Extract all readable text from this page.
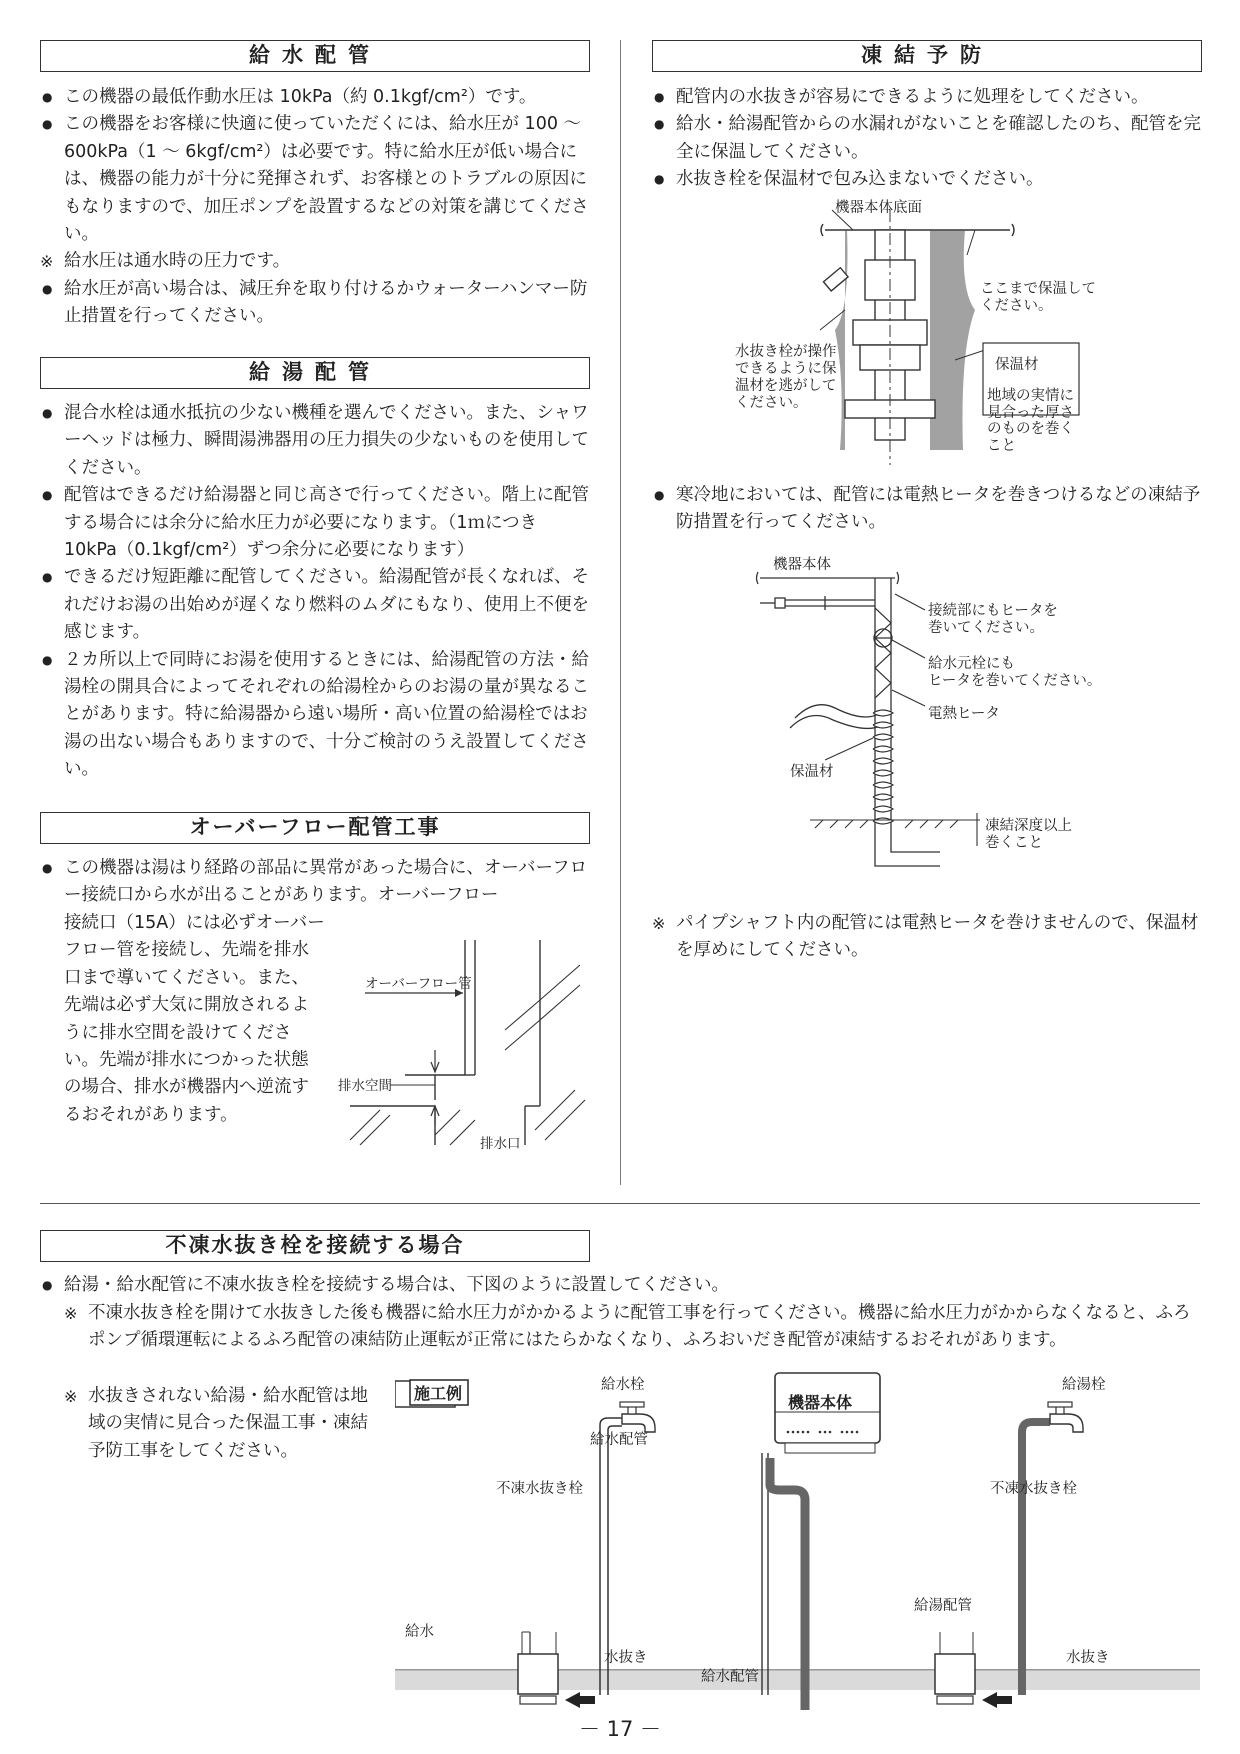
給水配管
● この機器の最低作動水圧は 10kPa（約 0.1kgf/cm²）です。
● この機器をお客様に快適に使っていただくには、給水圧が 100 ～ 600kPa（1 ～ 6kgf/cm²）は必要です。特に給水圧が低い場合には、機器の能力が十分に発揮されず、お客様とのトラブルの原因にもなりますので、加圧ポンプを設置するなどの対策を講じてください。
※ 給水圧は通水時の圧力です。
● 給水圧が高い場合は、減圧弁を取り付けるかウォーターハンマー防止措置を行ってください。
給湯配管
● 混合水栓は通水抵抗の少ない機種を選んでください。また、シャワーヘッドは極力、瞬間湯沸器用の圧力損失の少ないものを使用してください。
● 配管はできるだけ給湯器と同じ高さで行ってください。階上に配管する場合には余分に給水圧力が必要になります。（1ｍにつき 10kPa（0.1kgf/cm²）ずつ余分に必要になります）
● できるだけ短距離に配管してください。給湯配管が長くなれば、それだけお湯の出始めが遅くなり燃料のムダにもなり、使用上不便を感じます。
● ２カ所以上で同時にお湯を使用するときには、給湯配管の方法・給湯栓の開具合によってそれぞれの給湯栓からのお湯の量が異なることがあります。特に給湯器から遠い場所・高い位置の給湯栓ではお湯の出ない場合もありますので、十分ご検討のうえ設置してください。
オーバーフロー配管工事
● この機器は湯はり経路の部品に異常があった場合に、オーバーフロー接続口から水が出ることがあります。オーバーフロー
接続口（15A）には必ずオーバーフロー管を接続し、先端を排水口まで導いてください。また、先端は必ず大気に開放されるように排水空間を設けてください。先端が排水につかった状態の場合、排水が機器内へ逆流するおそれがあります。
オーバーフロー管
排水空間
排水口
凍結予防
● 配管内の水抜きが容易にできるように処理をしてください。
● 給水・給湯配管からの水漏れがないことを確認したのち、配管を完全に保温してください。
● 水抜き栓を保温材で包み込まないでください。
機器本体底面
ここまで保温して
ください。
水抜き栓が操作
できるように保
温材を逃がして
ください。
保温材
地域の実情に
見合った厚さ
のものを巻く
こと
● 寒冷地においては、配管には電熱ヒータを巻きつけるなどの凍結予防措置を行ってください。
機器本体
接続部にもヒータを
巻いてください。
給水元栓にも
ヒータを巻いてください。
電熱ヒータ
保温材
凍結深度以上
巻くこと
※ パイプシャフト内の配管には電熱ヒータを巻けませんので、保温材を厚めにしてください。
不凍水抜き栓を接続する場合
● 給湯・給水配管に不凍水抜き栓を接続する場合は、下図のように設置してください。
※ 不凍水抜き栓を開けて水抜きした後も機器に給水圧力がかかるように配管工事を行ってください。機器に給水圧力がかからなくなると、ふろポンプ循環運転によるふろ配管の凍結防止運転が正常にはたらかなくなり、ふろおいだき配管が凍結するおそれがあります。
※ 水抜きされない給湯・給水配管は地域の実情に見合った保温工事・凍結予防工事をしてください。
施工例	機器本体
給水栓
給水配管
不凍水抜き栓
給湯栓
不凍水抜き栓
給湯配管
給水
水抜き
給水配管
水抜き
－ 17 －
